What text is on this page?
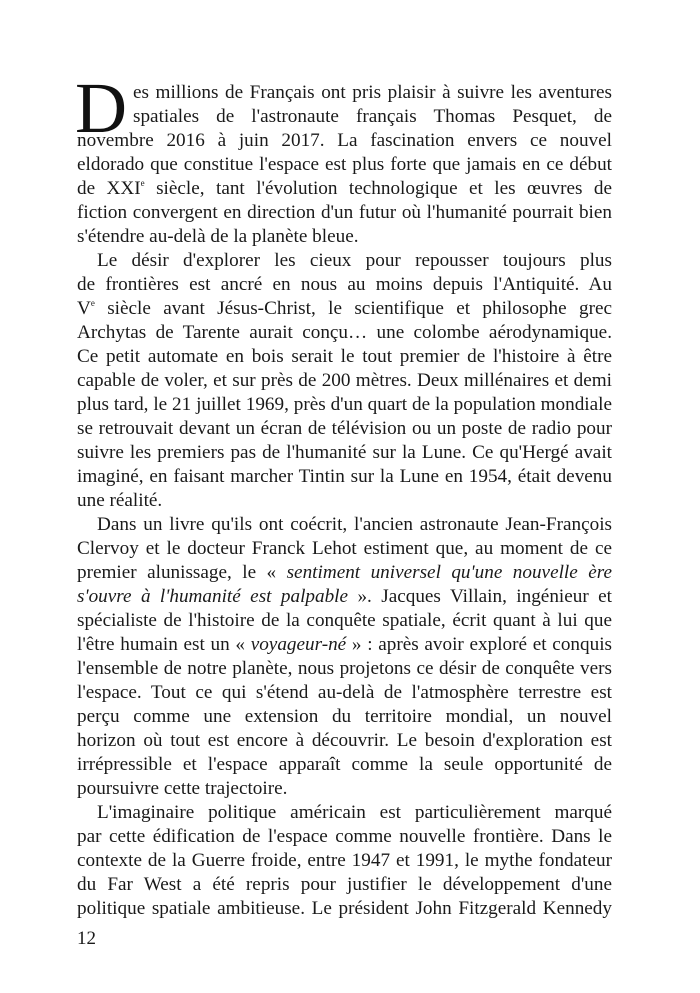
D es millions de Français ont pris plaisir à suivre les aventures
spatiales de l'astronaute français Thomas Pesquet, de
novembre 2016 à juin 2017. La fascination envers ce nouvel
eldorado que constitue l'espace est plus forte que jamais en ce début
de XXIe siècle, tant l'évolution technologique et les œuvres de
fiction convergent en direction d'un futur où l'humanité pourrait bien
s'étendre au-delà de la planète bleue.
Le désir d'explorer les cieux pour repousser toujours plus
de frontières est ancré en nous au moins depuis l'Antiquité. Au
Ve siècle avant Jésus-Christ, le scientifique et philosophe grec
Archytas de Tarente aurait conçu… une colombe aérodynamique.
Ce petit automate en bois serait le tout premier de l'histoire à être
capable de voler, et sur près de 200 mètres. Deux millénaires et demi
plus tard, le 21 juillet 1969, près d'un quart de la population mondiale
se retrouvait devant un écran de télévision ou un poste de radio pour
suivre les premiers pas de l'humanité sur la Lune. Ce qu'Hergé avait
imaginé, en faisant marcher Tintin sur la Lune en 1954, était devenu
une réalité.
Dans un livre qu'ils ont coécrit, l'ancien astronaute Jean-François
Clervoy et le docteur Franck Lehot estiment que, au moment de ce
premier alunissage, le « sentiment universel qu'une nouvelle ère
s'ouvre à l'humanité est palpable ». Jacques Villain, ingénieur et
spécialiste de l'histoire de la conquête spatiale, écrit quant à lui que
l'être humain est un « voyageur-né » : après avoir exploré et conquis
l'ensemble de notre planète, nous projetons ce désir de conquête vers
l'espace. Tout ce qui s'étend au-delà de l'atmosphère terrestre est
perçu comme une extension du territoire mondial, un nouvel
horizon où tout est encore à découvrir. Le besoin d'exploration est
irrépressible et l'espace apparaît comme la seule opportunité de
poursuivre cette trajectoire.
L'imaginaire politique américain est particulièrement marqué
par cette édification de l'espace comme nouvelle frontière. Dans le
contexte de la Guerre froide, entre 1947 et 1991, le mythe fondateur
du Far West a été repris pour justifier le développement d'une
politique spatiale ambitieuse. Le président John Fitzgerald Kennedy
12
